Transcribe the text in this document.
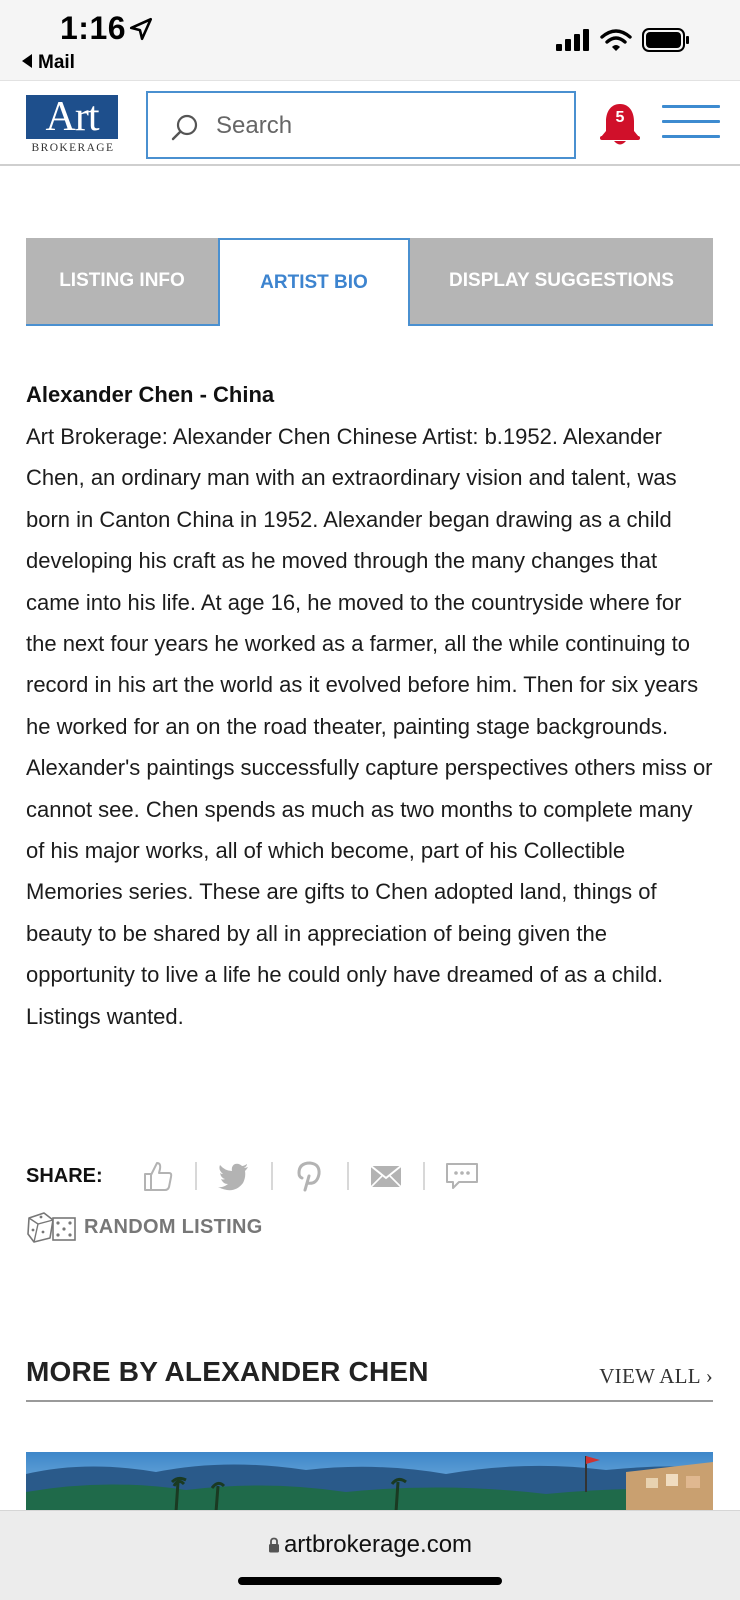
1:16
Mail
Art
BROKERAGE
Search
5
LISTING INFO	ARTIST BIO	DISPLAY SUGGESTIONS
Alexander Chen - China
Art Brokerage: Alexander Chen Chinese Artist: b.1952. Alexander Chen, an ordinary man with an extraordinary vision and talent, was born in Canton China in 1952. Alexander began drawing as a child developing his craft as he moved through the many changes that came into his life. At age 16, he moved to the countryside where for the next four years he worked as a farmer, all the while continuing to record in his art the world as it evolved before him. Then for six years he worked for an on the road theater, painting stage backgrounds. Alexander's paintings successfully capture perspectives others miss or cannot see. Chen spends as much as two months to complete many of his major works, all of which become, part of his Collectible Memories series. These are gifts to Chen adopted land, things of beauty to be shared by all in appreciation of being given the opportunity to live a life he could only have dreamed of as a child. Listings wanted.
SHARE:
RANDOM LISTING
MORE BY ALEXANDER CHEN	VIEW ALL ›
artbrokerage.com
